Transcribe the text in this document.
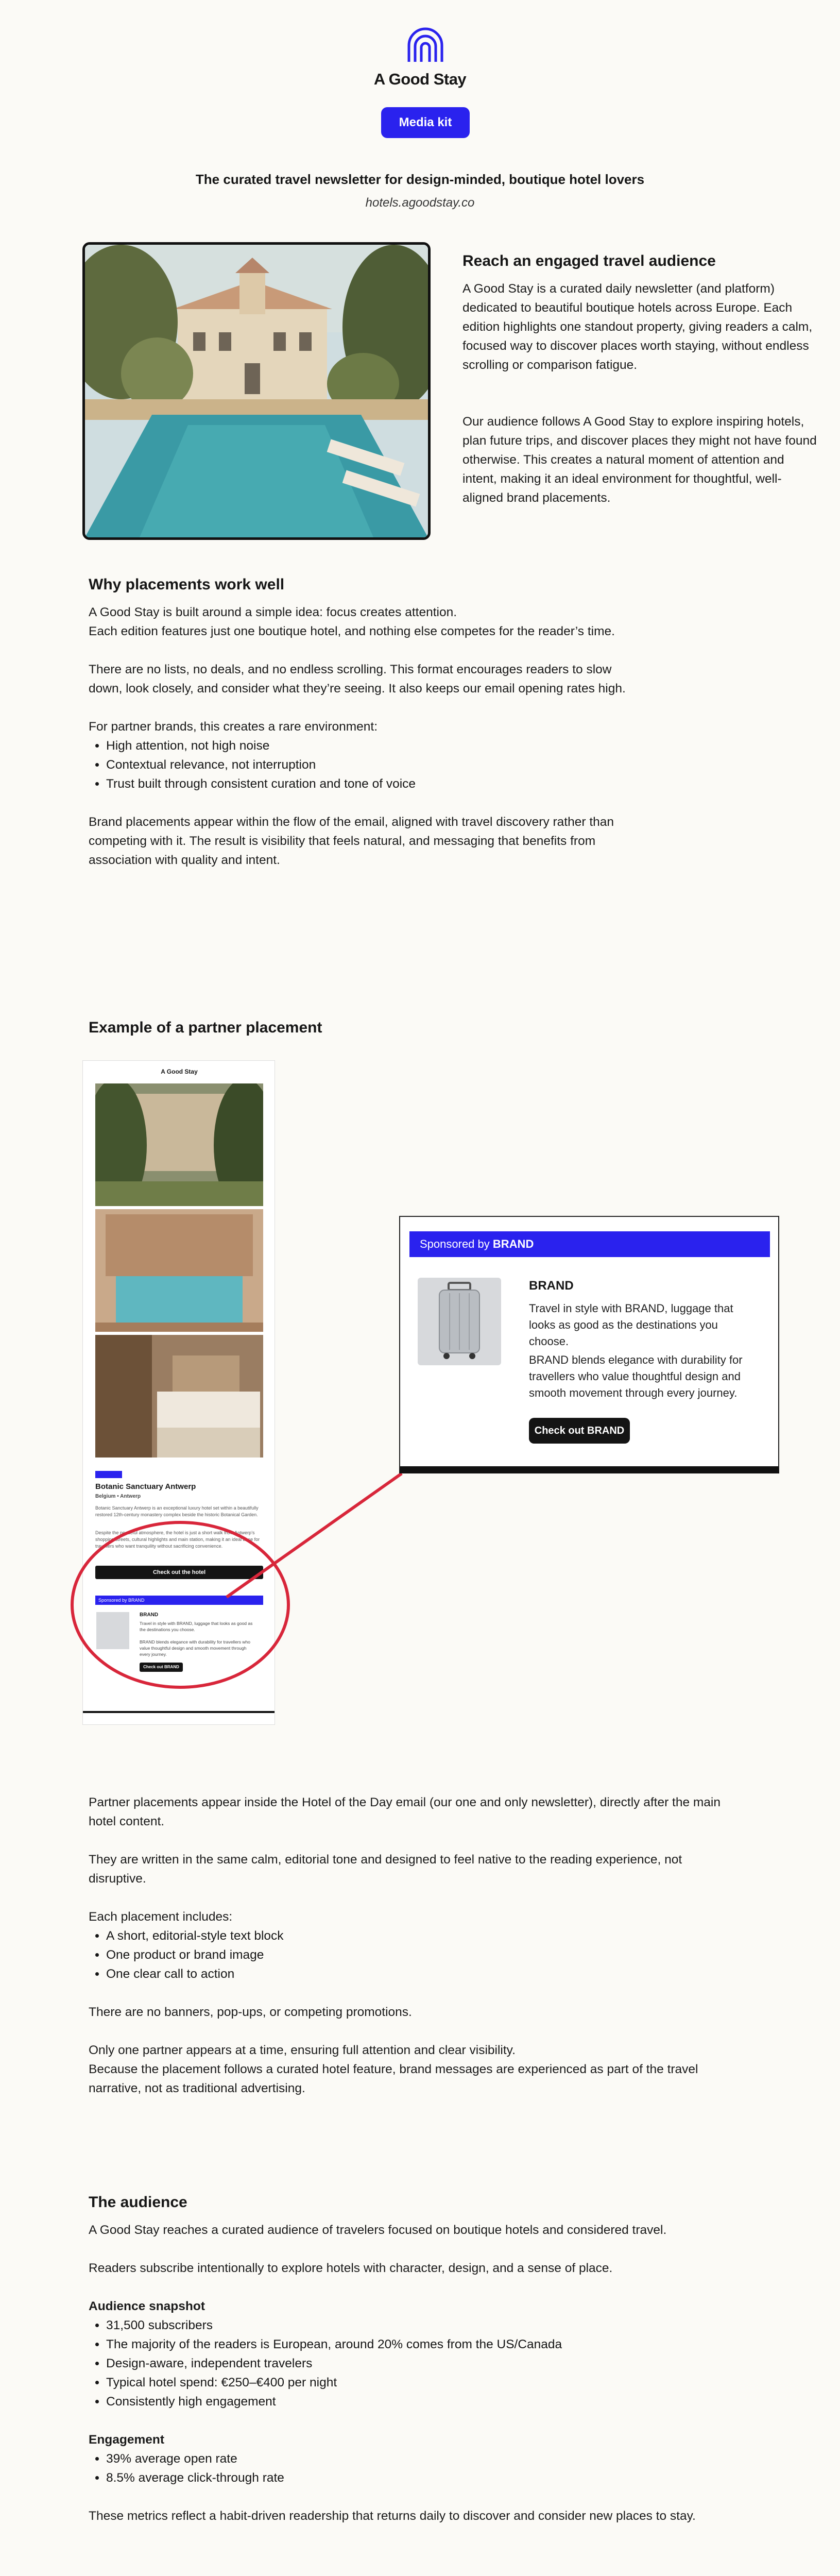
A Good Stay
Media kit
The curated travel newsletter for design-minded, boutique hotel lovers
hotels.agoodstay.co
Reach an engaged travel audience

A Good Stay is a curated daily newsletter (and platform) dedicated to beautiful boutique hotels across Europe. Each edition highlights one standout property, giving readers a calm, focused way to discover places worth staying, without endless scrolling or comparison fatigue.

Our audience follows A Good Stay to explore inspiring hotels, plan future trips, and discover places they might not have found otherwise. This creates a natural moment of attention and intent, making it an ideal environment for thoughtful, well-aligned brand placements.

Why placements work well

A Good Stay is built around a simple idea: focus creates attention.

Each edition features just one boutique hotel, and nothing else competes for the reader’s time.

There are no lists, no deals, and no endless scrolling. This format encourages readers to slow down, look closely, and consider what they’re seeing. It also keeps our email opening rates high.

For partner brands, this creates a rare environment:

• High attention, not high noise
• Contextual relevance, not interruption
• Trust built through consistent curation and tone of voice

Brand placements appear within the flow of the email, aligned with travel discovery rather than competing with it. The result is visibility that feels natural, and messaging that benefits from association with quality and intent.

Example of a partner placement
A Good Stay
Botanic Sanctuary Antwerp
Belgium • Antwerp

Botanic Sanctuary Antwerp is an exceptional luxury hotel set within a beautifully restored 12th-century monastery complex beside the historic Botanical Garden.

Despite the peaceful atmosphere, the hotel is just a short walk from Antwerp’s shopping streets, cultural highlights and main station, making it an ideal base for travellers who want tranquility without sacrificing convenience.

Check out the hotel
Sponsored by BRAND
BRAND

Travel in style with BRAND, luggage that looks as good as the destinations you choose.

BRAND blends elegance with durability for travellers who value thoughtful design and smooth movement through every journey.

Check out BRAND
Sponsored by BRAND
BRAND

Travel in style with BRAND, luggage that looks as good as the destinations you choose.

BRAND blends elegance with durability for travellers who value thoughtful design and smooth movement through every journey.

Check out BRAND

Partner placements appear inside the Hotel of the Day email (our one and only newsletter), directly after the main hotel content.

They are written in the same calm, editorial tone and designed to feel native to the reading experience, not disruptive.

Each placement includes:

• A short, editorial-style text block
• One product or brand image
• One clear call to action

There are no banners, pop-ups, or competing promotions.

Only one partner appears at a time, ensuring full attention and clear visibility.

Because the placement follows a curated hotel feature, brand messages are experienced as part of the travel narrative, not as traditional advertising.

The audience

A Good Stay reaches a curated audience of travelers focused on boutique hotels and considered travel.

Readers subscribe intentionally to explore hotels with character, design, and a sense of place.

Audience snapshot

• 31,500 subscribers
• The majority of the readers is European, around 20% comes from the US/Canada
• Design-aware, independent travelers
• Typical hotel spend: €250–€400 per night
• Consistently high engagement

Engagement

• 39% average open rate
• 8.5% average click-through rate

These metrics reflect a habit-driven readership that returns daily to discover and consider new places to stay.
